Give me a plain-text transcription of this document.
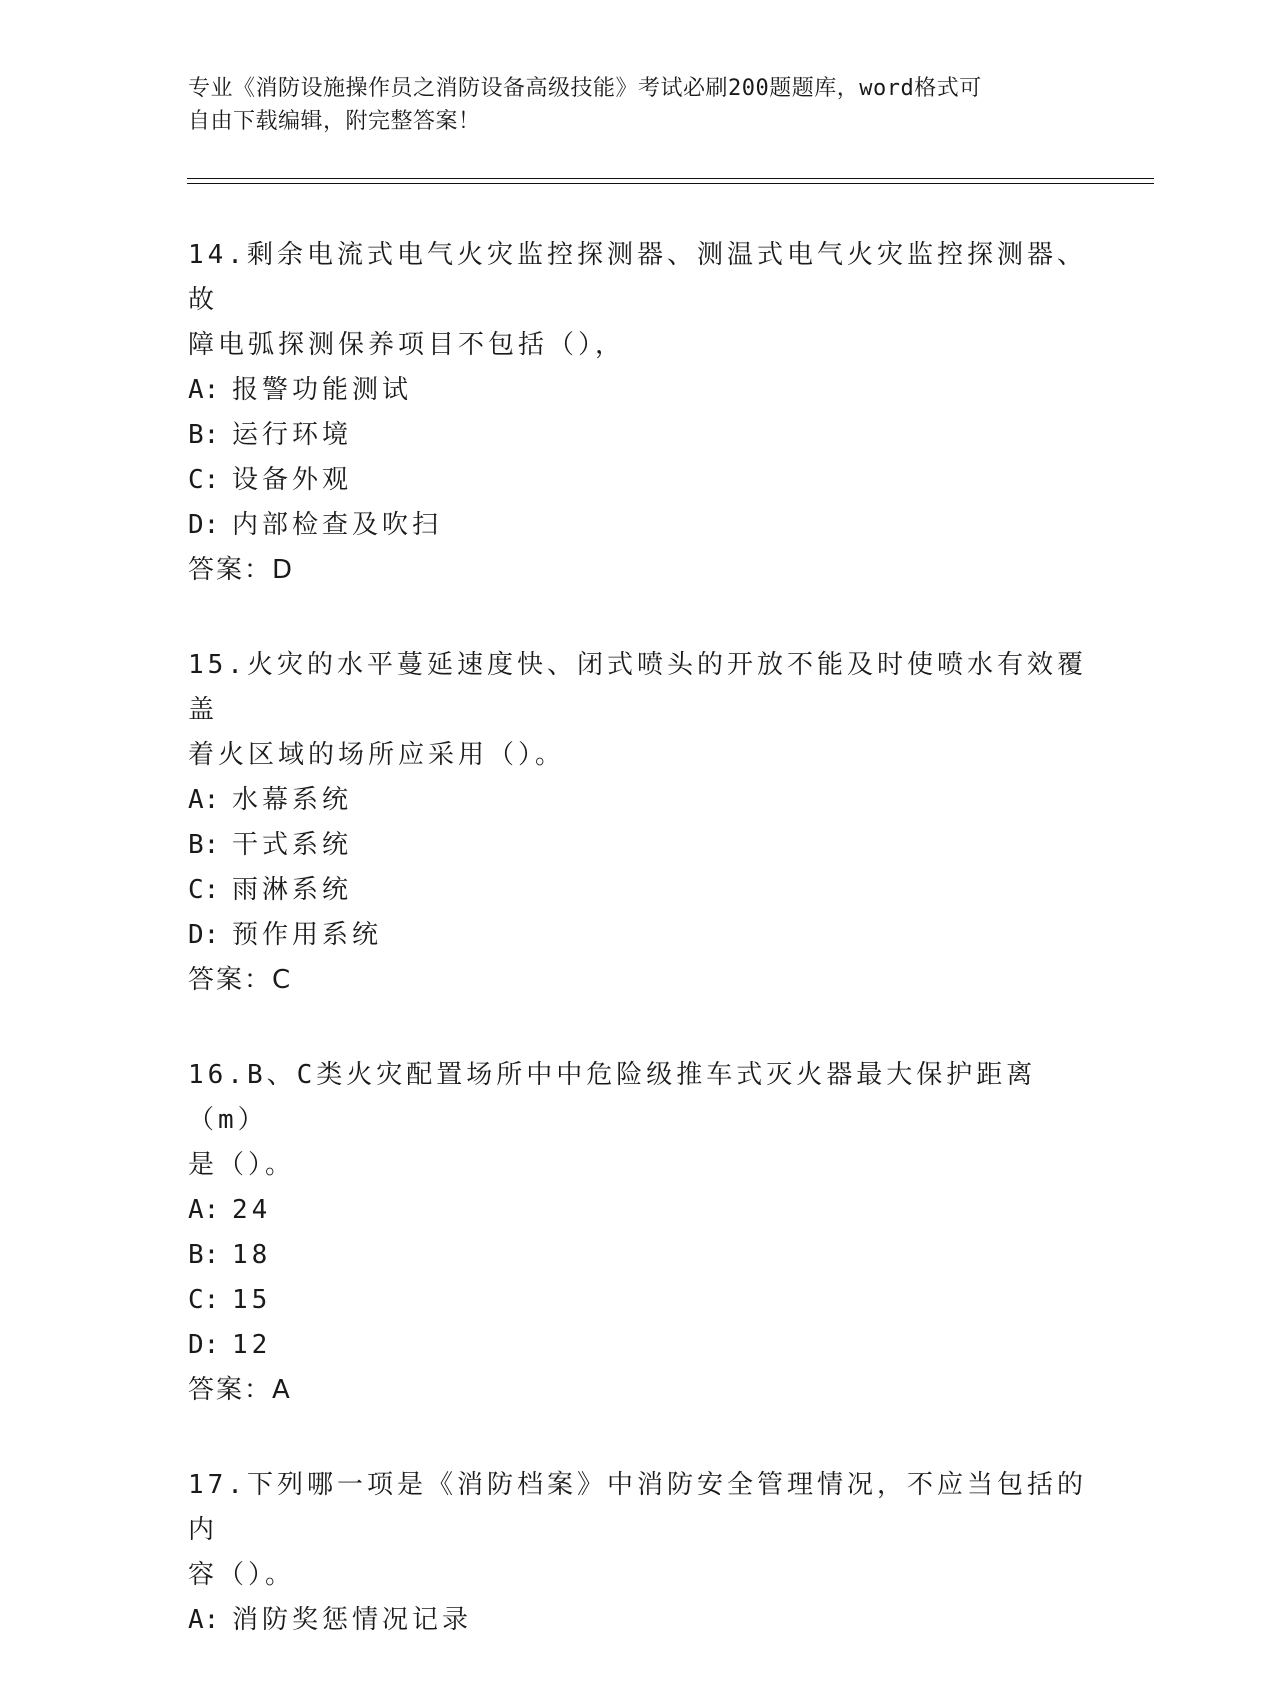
专业《消防设施操作员之消防设备高级技能》考试必刷200题题库，word格式可
自由下载编辑，附完整答案！

14.剩余电流式电气火灾监控探测器、测温式电气火灾监控探测器、故
障电弧探测保养项目不包括（），

A: 报警功能测试

B: 运行环境

C: 设备外观

D: 内部检查及吹扫

答案：D

15.火灾的水平蔓延速度快、闭式喷头的开放不能及时使喷水有效覆盖
着火区域的场所应采用（）。

A: 水幕系统

B: 干式系统

C: 雨淋系统

D: 预作用系统

答案：C

16.B、C类火灾配置场所中中危险级推车式灭火器最大保护距离（m）
是（）。

A: 24

B: 18

C: 15

D: 12

答案：A

17.下列哪一项是《消防档案》中消防安全管理情况，不应当包括的内
容（）。

A: 消防奖惩情况记录
